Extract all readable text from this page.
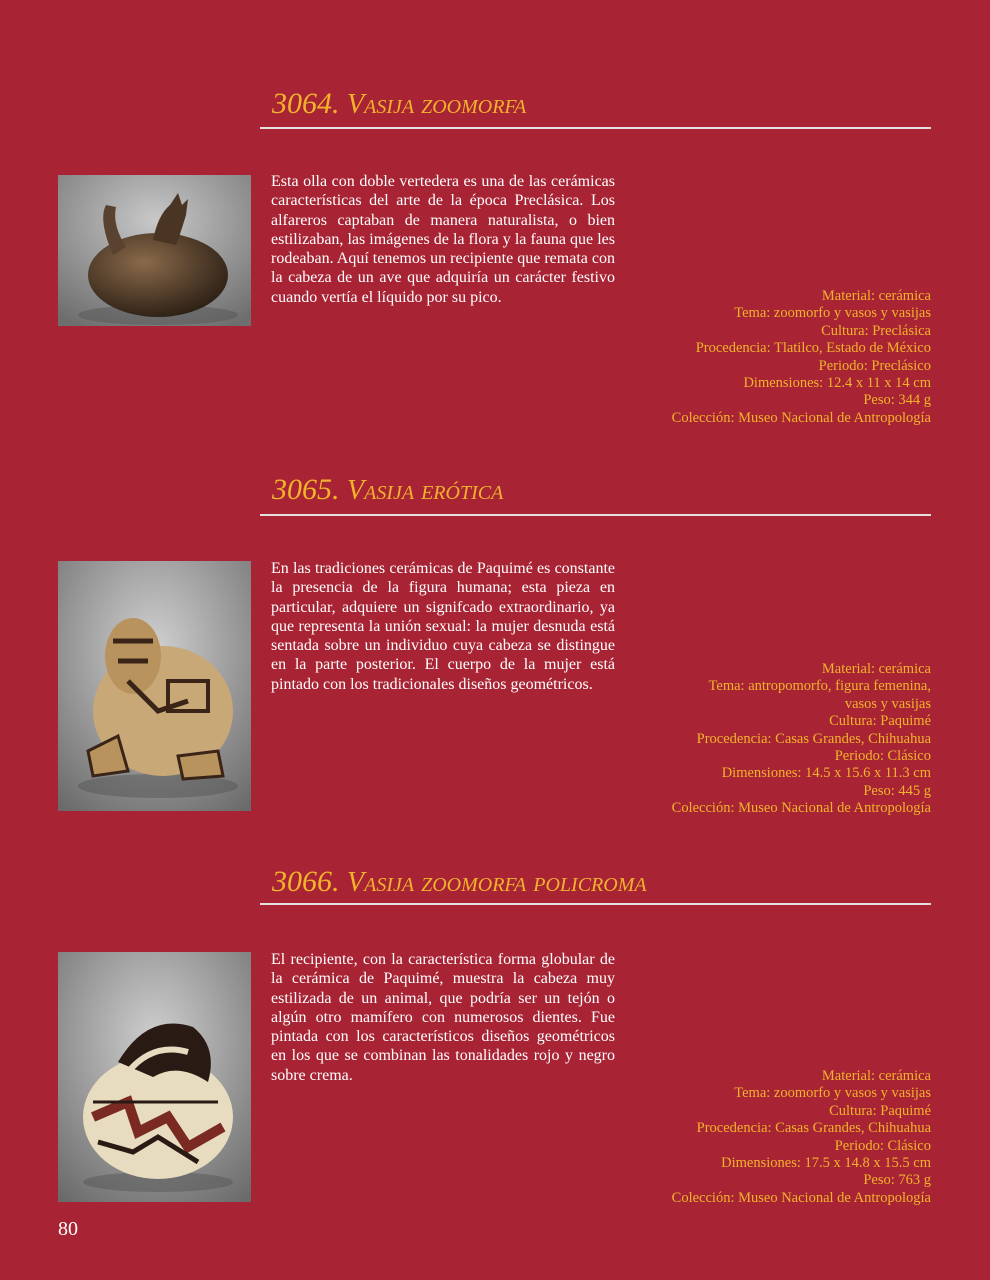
3064. Vasija zoomorfa
Esta olla con doble vertedera es una de las cerámicas características del arte de la época Preclásica. Los alfareros captaban de manera naturalista, o bien estilizaban, las imágenes de la flora y la fauna que les rodeaban. Aquí tenemos un recipiente que remata con la cabeza de un ave que adquiría un carácter festivo cuando vertía el líquido por su pico.	Material: cerámica
Tema: zoomorfo y vasos y vasijas
Cultura: Preclásica
Procedencia: Tlatilco, Estado de México
Periodo: Preclásico
Dimensiones: 12.4 x 11 x 14 cm
Peso: 344 g
Colección: Museo Nacional de Antropología
3065. Vasija erótica
En las tradiciones cerámicas de Paquimé es constante la presencia de la figura humana; esta pieza en particular, adquiere un signifcado extraordinario, ya que representa la unión sexual: la mujer desnuda está sentada sobre un individuo cuya cabeza se distingue en la parte posterior. El cuerpo de la mujer está pintado con los tradicionales diseños geométricos.
Material: cerámica
Tema: antropomorfo, figura femenina,
vasos y vasijas
Cultura: Paquimé
Procedencia: Casas Grandes, Chihuahua
Periodo: Clásico
Dimensiones: 14.5 x 15.6 x 11.3 cm
Peso: 445 g
Colección: Museo Nacional de Antropología
3066. Vasija zoomorfa policroma
El recipiente, con la característica forma globular de la cerámica de Paquimé, muestra la cabeza muy estilizada de un animal, que podría ser un tejón o algún otro mamífero con numerosos dientes. Fue pintada con los característicos diseños geométricos en los que se combinan las tonalidades rojo y negro sobre crema.	Material: cerámica
Tema: zoomorfo y vasos y vasijas
Cultura: Paquimé
Procedencia: Casas Grandes, Chihuahua
Periodo: Clásico
Dimensiones: 17.5 x 14.8 x 15.5 cm
Peso: 763 g
Colección: Museo Nacional de Antropología
80
